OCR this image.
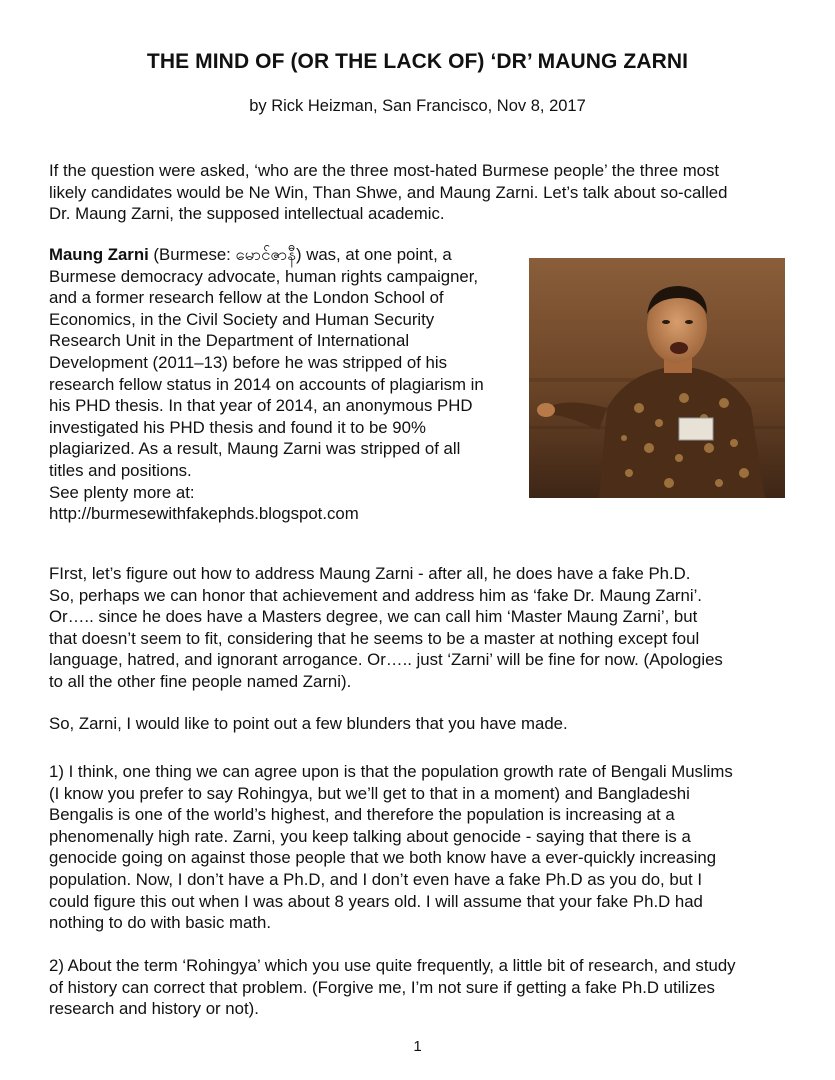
THE MIND OF (OR THE LACK OF) ‘DR’ MAUNG ZARNI
by Rick Heizman, San Francisco, Nov 8, 2017
If the question were asked, ‘who are the three most-hated Burmese people’ the three most
likely candidates would be Ne Win, Than Shwe, and Maung Zarni. Let’s talk about so-called
Dr. Maung Zarni, the supposed intellectual academic.
Maung Zarni (Burmese: မောင်ဇာနီ) was, at one point, a
Burmese democracy advocate, human rights campaigner,
and a former research fellow at the London School of
Economics, in the Civil Society and Human Security
Research Unit in the Department of International
Development (2011–13) before he was stripped of his
research fellow status in 2014 on accounts of plagiarism in
his PHD thesis. In that year of 2014, an anonymous PHD
investigated his PHD thesis and found it to be 90%
plagiarized. As a result, Maung Zarni was stripped of all
titles and positions.
See plenty more at:
http://burmesewithfakephds.blogspot.com
FIrst, let’s figure out how to address Maung Zarni - after all, he does have a fake Ph.D.
So, perhaps we can honor that achievement and address him as ‘fake Dr. Maung Zarni’.
Or….. since he does have a Masters degree, we can call him ‘Master Maung Zarni’, but
that doesn’t seem to fit, considering that he seems to be a master at nothing except foul
language, hatred, and ignorant arrogance. Or….. just ‘Zarni’ will be fine for now. (Apologies
to all the other fine people named Zarni).
So, Zarni, I would like to point out a few blunders that you have made.
1) I think, one thing we can agree upon is that the population growth rate of Bengali Muslims
(I know you prefer to say Rohingya, but we’ll get to that in a moment) and Bangladeshi
Bengalis is one of the world’s highest, and therefore the population is increasing at a
phenomenally high rate. Zarni, you keep talking about genocide - saying that there is a
genocide going on against those people that we both know have a ever-quickly increasing
population. Now, I don’t have a Ph.D, and I don’t even have a fake Ph.D as you do, but I
could figure this out when I was about 8 years old. I will assume that your fake Ph.D had
nothing to do with basic math.
2) About the term ‘Rohingya’ which you use quite frequently, a little bit of research, and study
of history can correct that problem. (Forgive me, I’m not sure if getting a fake Ph.D utilizes
research and history or not).
1
